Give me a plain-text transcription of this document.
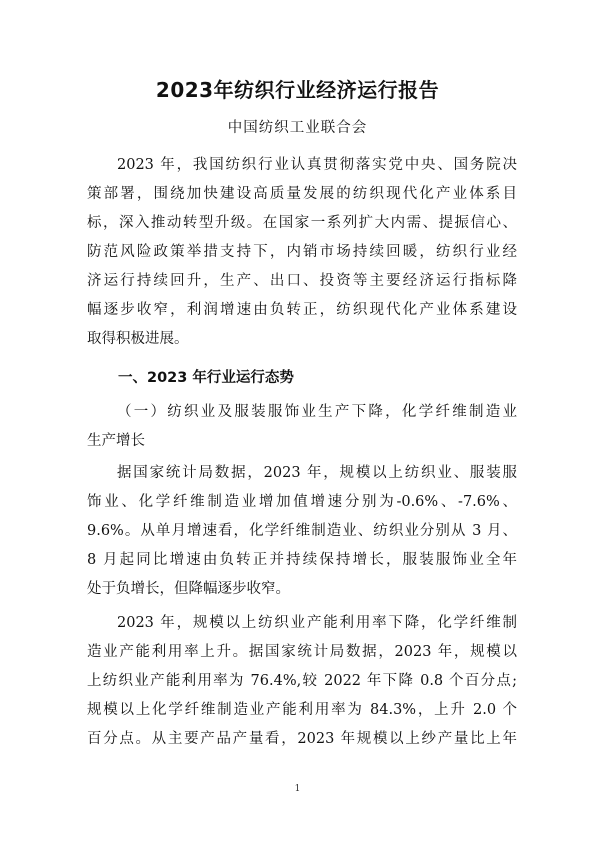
2023年纺织行业经济运行报告
中国纺织工业联合会
2023 年，我国纺织行业认真贯彻落实党中央、国务院决
策部署，围绕加快建设高质量发展的纺织现代化产业体系目
标，深入推动转型升级。在国家一系列扩大内需、提振信心、
防范风险政策举措支持下，内销市场持续回暖，纺织行业经
济运行持续回升，生产、出口、投资等主要经济运行指标降
幅逐步收窄，利润增速由负转正，纺织现代化产业体系建设
取得积极进展。
一、2023 年行业运行态势
（一）纺织业及服装服饰业生产下降，化学纤维制造业
生产增长
据国家统计局数据，2023 年，规模以上纺织业、服装服
饰业、化学纤维制造业增加值增速分别为-0.6%、-7.6%、
9.6%。从单月增速看，化学纤维制造业、纺织业分别从 3 月、
8 月起同比增速由负转正并持续保持增长，服装服饰业全年
处于负增长，但降幅逐步收窄。
2023 年，规模以上纺织业产能利用率下降，化学纤维制
造业产能利用率上升。据国家统计局数据，2023 年，规模以
上纺织业产能利用率为 76.4%,较 2022 年下降 0.8 个百分点;
规模以上化学纤维制造业产能利用率为 84.3%，上升 2.0 个
百分点。从主要产品产量看，2023 年规模以上纱产量比上年
1
